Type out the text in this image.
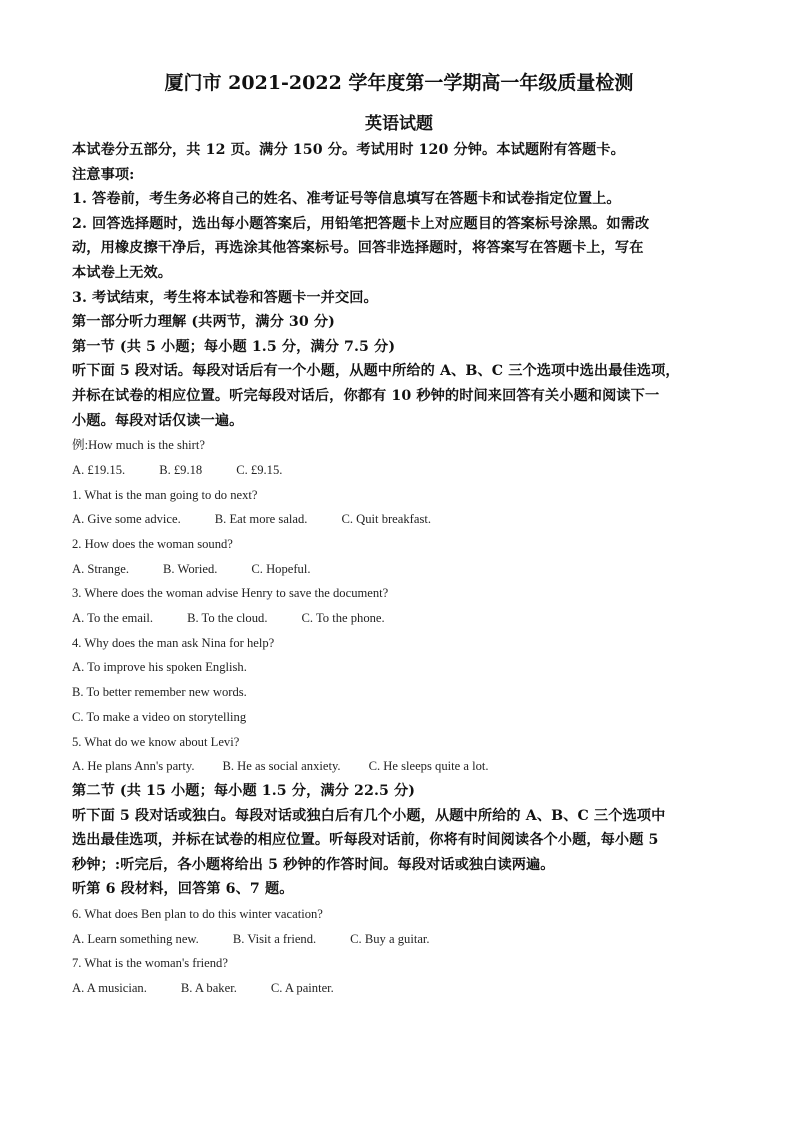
厦门市 2021-2022 学年度第一学期高一年级质量检测
英语试题
本试卷分五部分，共 12 页。满分 150 分。考试用时 120 分钟。本试题附有答题卡。
注意事项:
1. 答卷前，考生务必将自己的姓名、准考证号等信息填写在答题卡和试卷指定位置上。
2. 回答选择题时，选出每小题答案后，用铅笔把答题卡上对应题目的答案标号涂黑。如需改
动，用橡皮擦干净后，再选涂其他答案标号。回答非选择题时，将答案写在答题卡上，写在
本试卷上无效。
3. 考试结束，考生将本试卷和答题卡一并交回。
第一部分听力理解 (共两节，满分 30 分)
第一节 (共 5 小题；每小题 1.5 分，满分 7.5 分)
听下面 5 段对话。每段对话后有一个小题，从题中所给的 A、B、C 三个选项中选出最佳选项，
并标在试卷的相应位置。听完每段对话后，你都有 10 秒钟的时间来回答有关小题和阅读下一
小题。每段对话仅读一遍。
例:How much is the shirt?
A. £19.15.	B. £9.18	C. £9.15.
1. What is the man going to do next?
A. Give some advice.	B. Eat more salad.	C. Quit breakfast.
2. How does the woman sound?
A. Strange.	B. Woried.	C. Hopeful.
3. Where does the woman advise Henry to save the document?
A. To the email.	B. To the cloud.	C. To the phone.
4. Why does the man ask Nina for help?
A. To improve his spoken English.
B. To better remember new words.
C. To make a video on storytelling
5. What do we know about Levi?
A. He plans Ann's party. B. He as social anxiety. C. He sleeps quite a lot.
第二节 (共 15 小题；每小题 1.5 分，满分 22.5 分)
听下面 5 段对话或独白。每段对话或独白后有几个小题，从题中所给的 A、B、C 三个选项中
选出最佳选项，并标在试卷的相应位置。听每段对话前，你将有时间阅读各个小题，每小题 5
秒钟；:听完后，各小题将给出 5 秒钟的作答时间。每段对话或独白读两遍。
听第 6 段材料，回答第 6、7 题。
6. What does Ben plan to do this winter vacation?
A. Learn something new.	B. Visit a friend.	C. Buy a guitar.
7. What is the woman's friend?
A. A musician.	B. A baker.	C. A painter.
